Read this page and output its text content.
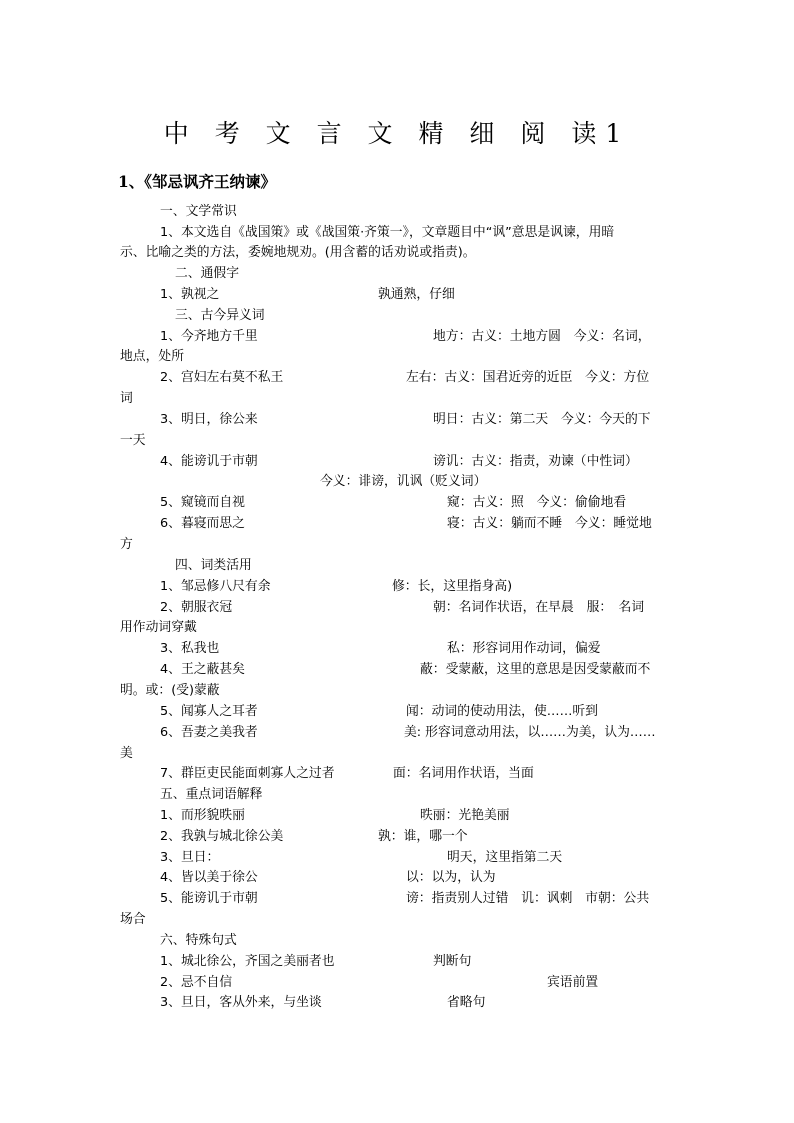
中 考 文 言 文 精 细 阅 读1
1、《邹忌讽齐王纳谏》

一、文学常识

1、本文选自《战国策》或《战国策·齐策一》，文章题目中“讽”意思是讽谏，用暗

示、比喻之类的方法，委婉地规劝。(用含蓄的话劝说或指责)。

二、通假字

1、孰视之	孰通熟，仔细

三、古今异义词

1、今齐地方千里	地方：古义：土地方圆　今义：名词，

地点，处所

2、宫妇左右莫不私王	左右：古义：国君近旁的近臣　今义：方位

词

3、明日，徐公来	明日：古义：第二天　今义：今天的下

一天

4、能谤讥于市朝	谤讥：古义：指责，劝谏（中性词）

今义：诽谤，讥讽（贬义词）

5、窥镜而自视	窥：古义：照　今义：偷偷地看

6、暮寝而思之	寝：古义：躺而不睡　今义：睡觉地

方

四、词类活用

1、邹忌修八尺有余	修：长，这里指身高)

2、朝服衣冠	朝：名词作状语，在早晨　服：　名词

用作动词穿戴

3、私我也	私：形容词用作动词，偏爱

4、王之蔽甚矣	蔽：受蒙蔽，这里的意思是因受蒙蔽而不

明。或：(受)蒙蔽

5、闻寡人之耳者	闻：动词的使动用法，使……听到

6、吾妻之美我者	美: 形容词意动用法，以……为美，认为……

美

7、群臣吏民能面刺寡人之过者	面：名词用作状语，当面

五、重点词语解释

1、而形貌昳丽	昳丽：光艳美丽

2、我孰与城北徐公美	孰：谁，哪一个

3、旦日：	明天，这里指第二天

4、皆以美于徐公	以：以为，认为

5、能谤讥于市朝	谤：指责别人过错　讥：讽刺　市朝：公共

场合

六、特殊句式

1、城北徐公，齐国之美丽者也	判断句

2、忌不自信	宾语前置

3、旦日，客从外来，与坐谈	省略句
